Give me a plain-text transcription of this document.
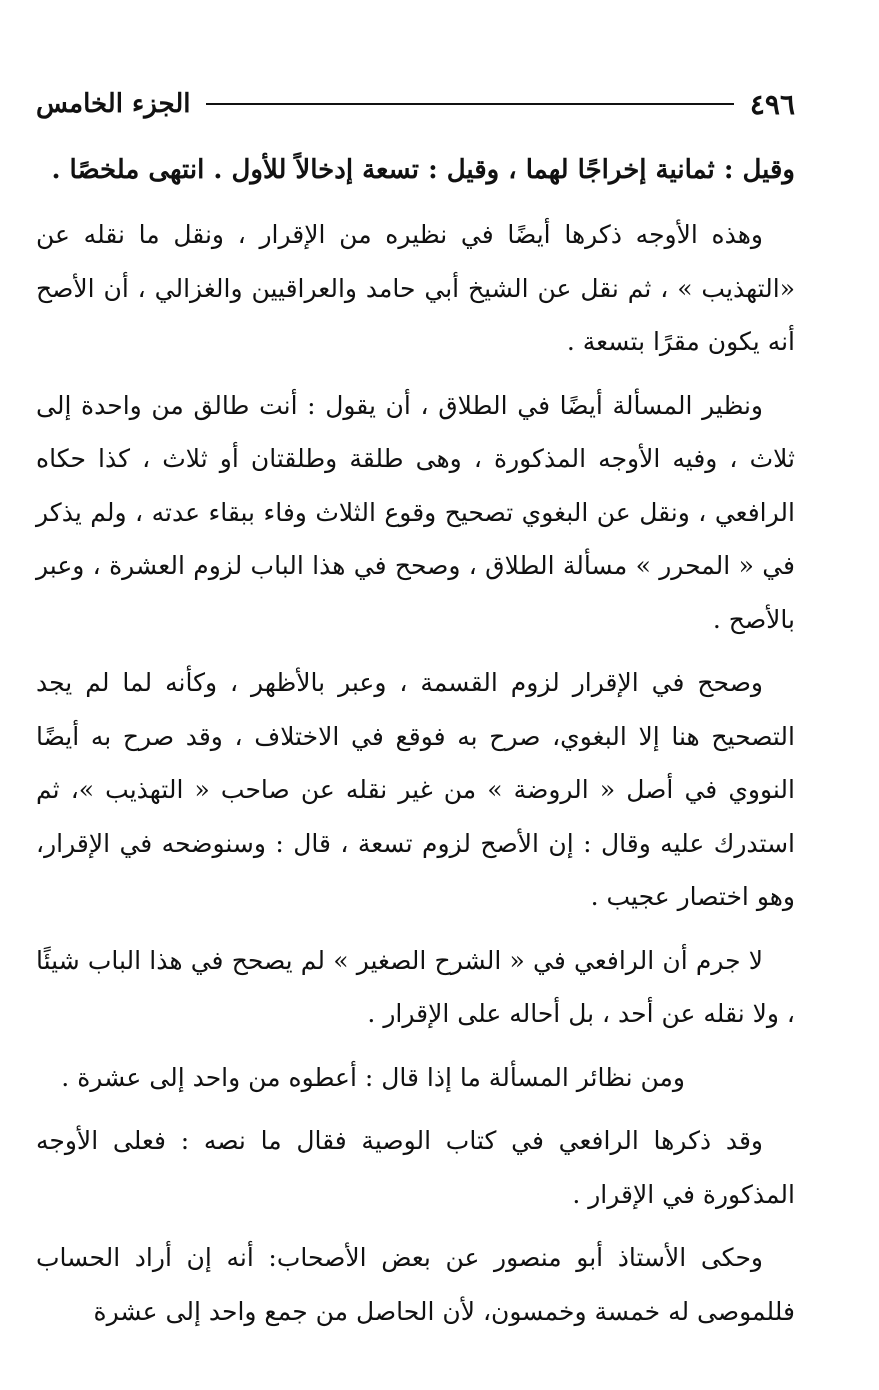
٤٩٦
الجزء الخامس

وقيل : ثمانية إخراجًا لهما ، وقيل : تسعة إدخالاً للأول . انتهى ملخصًا .

وهذه الأوجه ذكرها أيضًا في نظيره من الإقرار ، ونقل ما نقله عن «التهذيب » ، ثم نقل عن الشيخ أبي حامد والعراقيين والغزالي ، أن الأصح أنه يكون مقرًا بتسعة .

ونظير المسألة أيضًا في الطلاق ، أن يقول : أنت طالق من واحدة إلى ثلاث ، وفيه الأوجه المذكورة ، وهى طلقة وطلقتان أو ثلاث ، كذا حكاه الرافعي ، ونقل عن البغوي تصحيح وقوع الثلاث وفاء ببقاء عدته ، ولم يذكر في « المحرر » مسألة الطلاق ، وصحح في هذا الباب لزوم العشرة ، وعبر بالأصح .

وصحح في الإقرار لزوم القسمة ، وعبر بالأظهر ، وكأنه لما لم يجد التصحيح هنا إلا البغوي، صرح به فوقع في الاختلاف ، وقد صرح به أيضًا النووي في أصل « الروضة » من غير نقله عن صاحب « التهذيب »، ثم استدرك عليه وقال : إن الأصح لزوم تسعة ، قال : وسنوضحه في الإقرار، وهو اختصار عجيب .

لا جرم أن الرافعي في « الشرح الصغير » لم يصحح في هذا الباب شيئًا ، ولا نقله عن أحد ، بل أحاله على الإقرار .

ومن نظائر المسألة ما إذا قال : أعطوه من واحد إلى عشرة .

وقد ذكرها الرافعي في كتاب الوصية فقال ما نصه : فعلى الأوجه المذكورة في الإقرار .

وحكى الأستاذ أبو منصور عن بعض الأصحاب: أنه إن أراد الحساب فللموصى له خمسة وخمسون، لأن الحاصل من جمع واحد إلى عشرة
